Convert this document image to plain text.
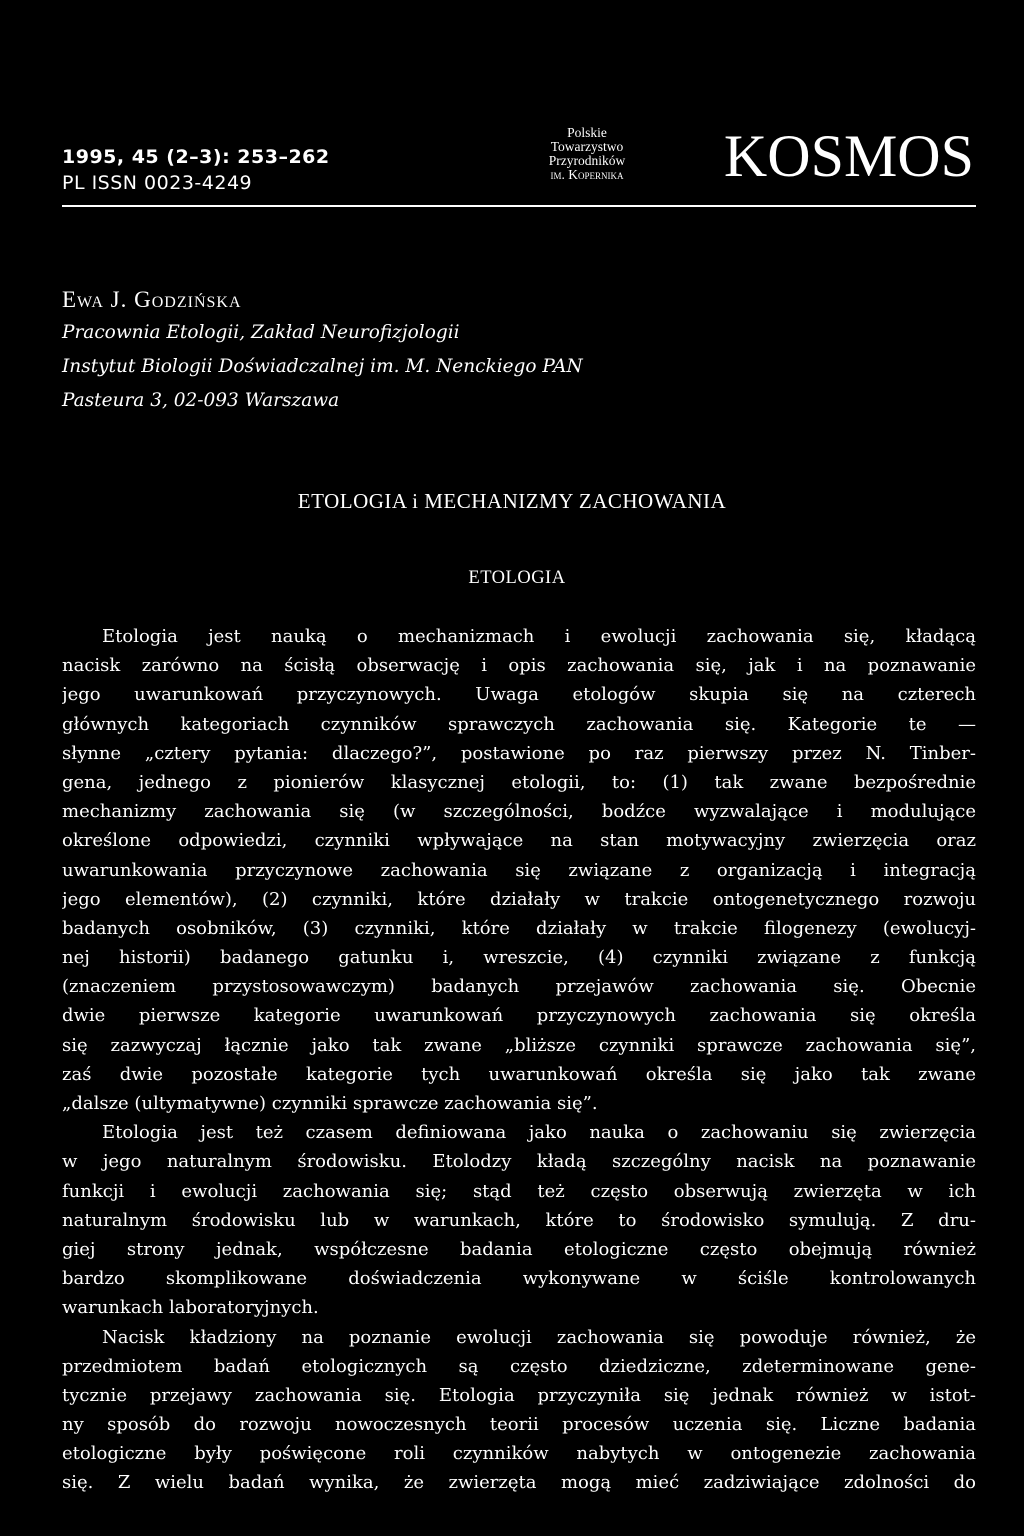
1995, 45 (2–3): 253–262
PL ISSN 0023-4249
Polskie
Towarzystwo
Przyrodników
im. Kopernika KOSMOS
Ewa J. Godzińska
Pracownia Etologii, Zakład Neurofizjologii
Instytut Biologii Doświadczalnej im. M. Nenckiego PAN
Pasteura 3, 02-093 Warszawa
ETOLOGIA i MECHANIZMY ZACHOWANIA
ETOLOGIA
Etologia jest nauką o mechanizmach i ewolucji zachowania się, kładącą
nacisk zarówno na ścisłą obserwację i opis zachowania się, jak i na poznawanie
jego uwarunkowań przyczynowych. Uwaga etologów skupia się na czterech
głównych kategoriach czynników sprawczych zachowania się. Kategorie te —
słynne „cztery pytania: dlaczego?”, postawione po raz pierwszy przez N. Tinber-
gena, jednego z pionierów klasycznej etologii, to: (1) tak zwane bezpośrednie
mechanizmy zachowania się (w szczególności, bodźce wyzwalające i modulujące
określone odpowiedzi, czynniki wpływające na stan motywacyjny zwierzęcia oraz
uwarunkowania przyczynowe zachowania się związane z organizacją i integracją
jego elementów), (2) czynniki, które działały w trakcie ontogenetycznego rozwoju
badanych osobników, (3) czynniki, które działały w trakcie filogenezy (ewolucyj-
nej historii) badanego gatunku i, wreszcie, (4) czynniki związane z funkcją
(znaczeniem przystosowawczym) badanych przejawów zachowania się. Obecnie
dwie pierwsze kategorie uwarunkowań przyczynowych zachowania się określa
się zazwyczaj łącznie jako tak zwane „bliższe czynniki sprawcze zachowania się”,
zaś dwie pozostałe kategorie tych uwarunkowań określa się jako tak zwane
„dalsze (ultymatywne) czynniki sprawcze zachowania się”.
Etologia jest też czasem definiowana jako nauka o zachowaniu się zwierzęcia
w jego naturalnym środowisku. Etolodzy kładą szczególny nacisk na poznawanie
funkcji i ewolucji zachowania się; stąd też często obserwują zwierzęta w ich
naturalnym środowisku lub w warunkach, które to środowisko symulują. Z dru-
giej strony jednak, współczesne badania etologiczne często obejmują również
bardzo skomplikowane doświadczenia wykonywane w ściśle kontrolowanych
warunkach laboratoryjnych.
Nacisk kładziony na poznanie ewolucji zachowania się powoduje również, że
przedmiotem badań etologicznych są często dziedziczne, zdeterminowane gene-
tycznie przejawy zachowania się. Etologia przyczyniła się jednak również w istot-
ny sposób do rozwoju nowoczesnych teorii procesów uczenia się. Liczne badania
etologiczne były poświęcone roli czynników nabytych w ontogenezie zachowania
się. Z wielu badań wynika, że zwierzęta mogą mieć zadziwiające zdolności do
